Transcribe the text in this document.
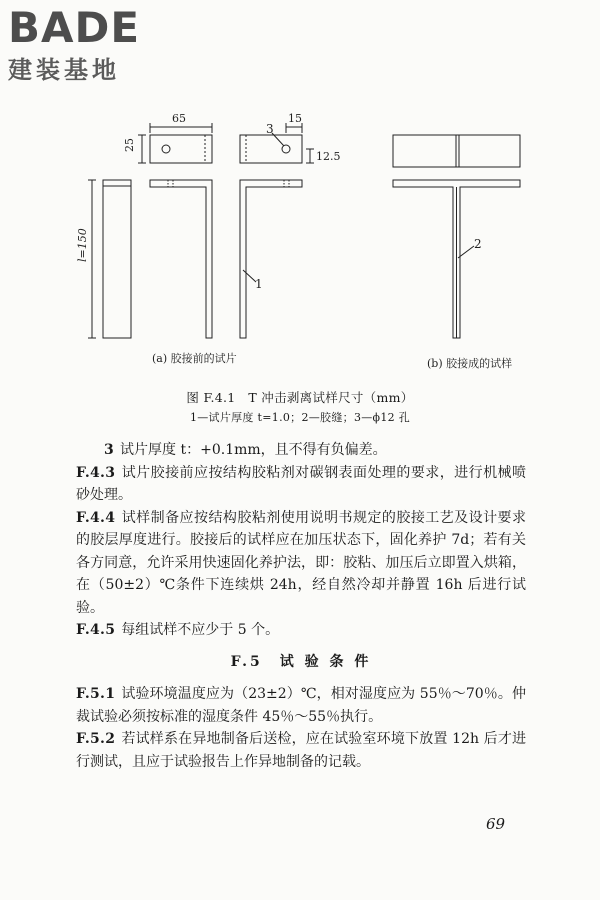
BADE
建装基地
65
25
15
12.5
3
l=150
1
2
(a) 胶接前的试片	(b) 胶接成的试样
图 F.4.1　T 冲击剥离试样尺寸（mm）
1—试片厚度 t=1.0；2—胶缝；3—ϕ12 孔

3 试片厚度 t：+0.1mm，且不得有负偏差。

F.4.3 试片胶接前应按结构胶粘剂对碳钢表面处理的要求，进行机械喷砂处理。

F.4.4 试样制备应按结构胶粘剂使用说明书规定的胶接工艺及设计要求的胶层厚度进行。胶接后的试样应在加压状态下，固化养护 7d；若有关各方同意，允许采用快速固化养护法，即：胶粘、加压后立即置入烘箱，在（50±2）℃条件下连续烘 24h，经自然冷却并静置 16h 后进行试验。

F.4.5 每组试样不应少于 5 个。

F.5　试 验 条 件

F.5.1 试验环境温度应为（23±2）℃，相对湿度应为 55％～70％。仲裁试验必须按标准的湿度条件 45％～55％执行。

F.5.2 若试样系在异地制备后送检，应在试验室环境下放置 12h 后才进行测试，且应于试验报告上作异地制备的记载。

69
